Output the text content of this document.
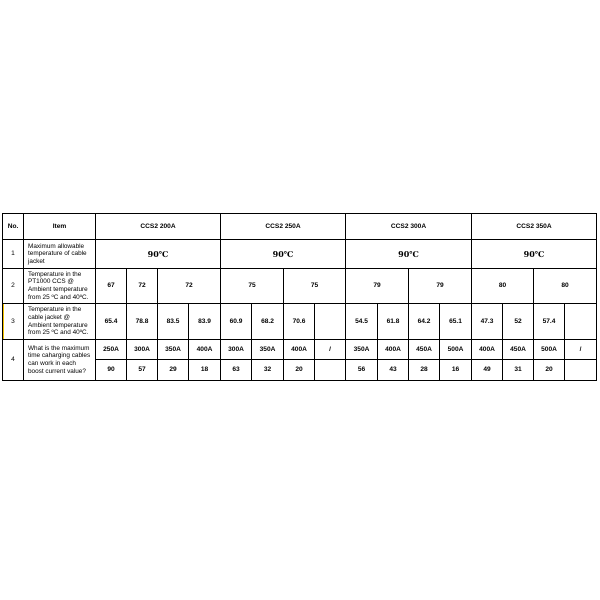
No.	Item	CCS2 200A				CCS2 250A				CCS2 300A				CCS2 350A			
1	Maximum allowable temperature of cable jacket	90℃				90℃				90℃				90℃			
2	Temperature in the PT1000 CCS @ Ambient temperature from 25 ºC and 40ºC.	67	72	72		75		75		79		79		80		80	

3	Temperature in the cable jacket @ Ambient temperature from 25 ºC and 40ºC.	65.4	78.8	83.5	83.9	60.9	68.2	70.6		54.5	61.8	64.2	65.1	47.3	52	57.4	
4	What is the maximum time caharging cables can work in each boost current value?	250A	300A	350A	400A	300A	350A	400A	/	350A	400A	450A	500A	400A	450A	500A	/
		90	57	29	18	63	32	20		56	43	28	16	49	31	20	
